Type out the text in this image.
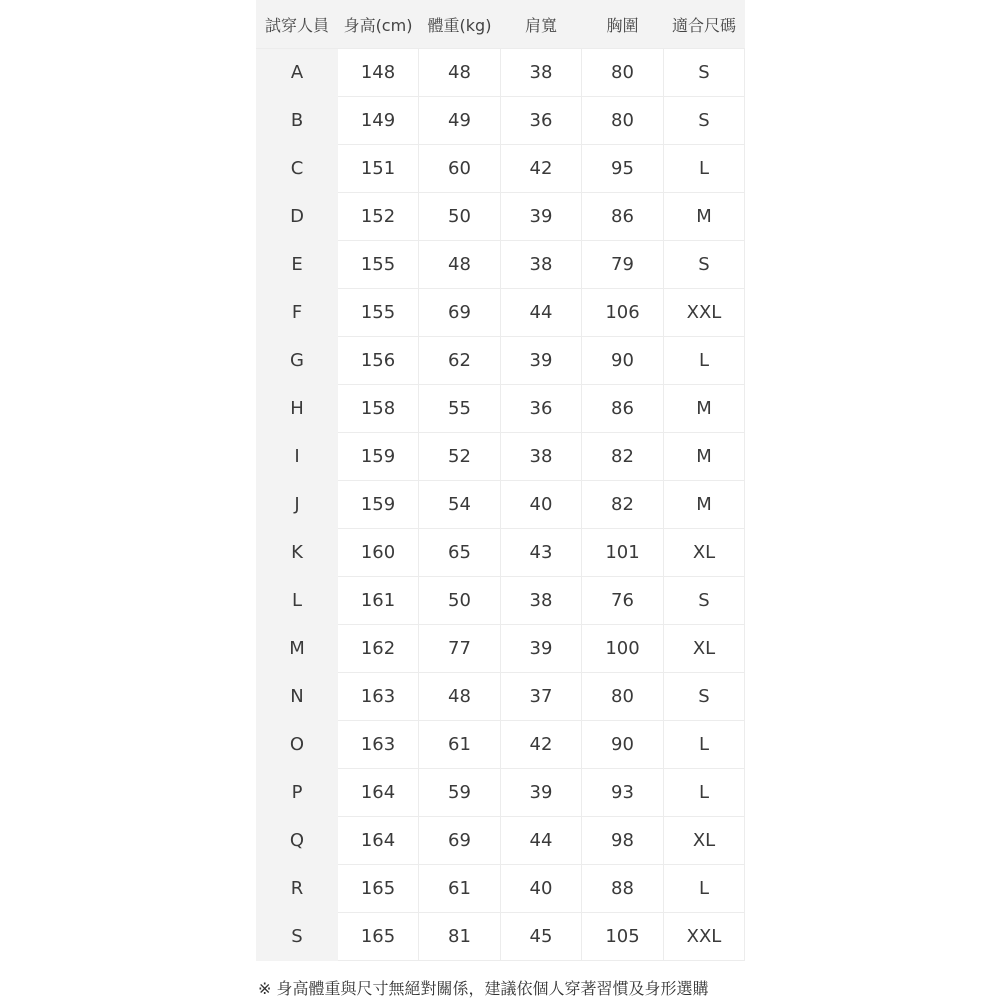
試穿人員	身高(cm)	體重(kg)	肩寬	胸圍	適合尺碼
A	148	48	38	80	S
B	149	49	36	80	S
C	151	60	42	95	L
D	152	50	39	86	M
E	155	48	38	79	S
F	155	69	44	106	XXL
G	156	62	39	90	L
H	158	55	36	86	M
I	159	52	38	82	M
J	159	54	40	82	M
K	160	65	43	101	XL
L	161	50	38	76	S
M	162	77	39	100	XL
N	163	48	37	80	S
O	163	61	42	90	L
P	164	59	39	93	L
Q	164	69	44	98	XL
R	165	61	40	88	L
S	165	81	45	105	XXL
※ 身高體重與尺寸無絕對關係，建議依個人穿著習慣及身形選購
